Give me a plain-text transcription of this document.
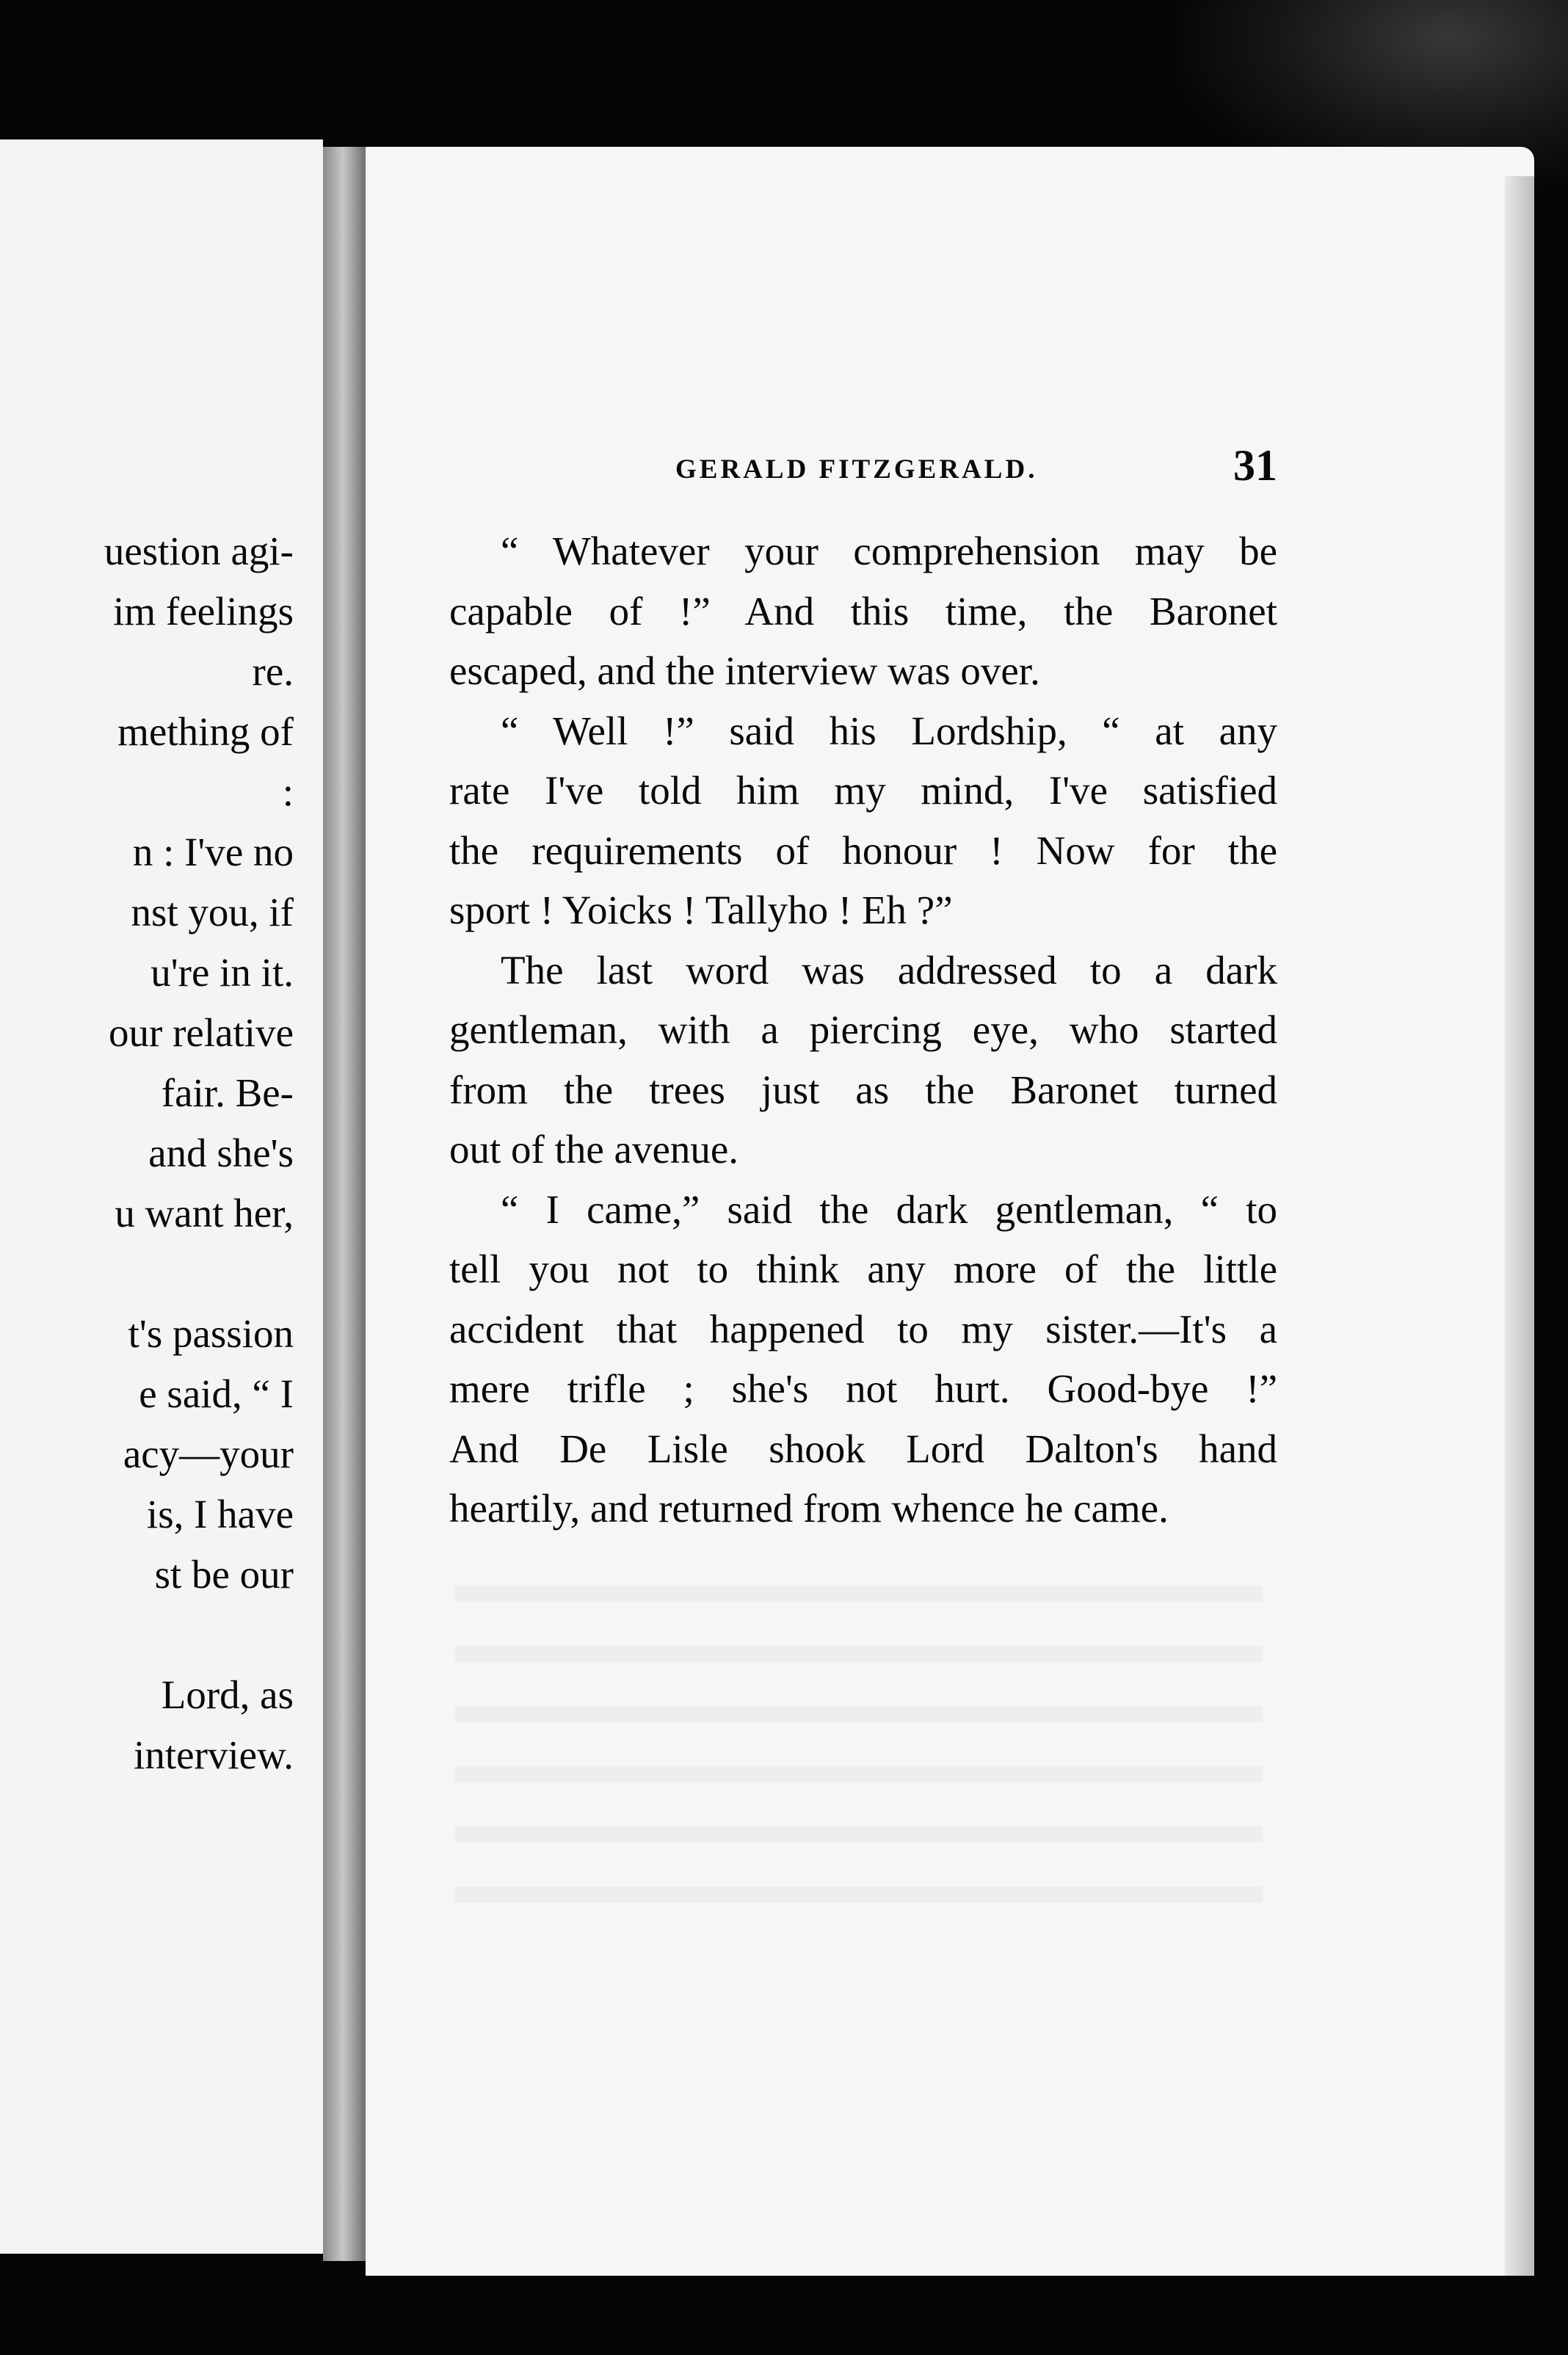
uestion agi-
im feelings
re.
mething of
:
n : I've no
nst you, if
u're in it.
our relative
fair. Be-
and she's
u want her,
t's passion
e said, “ I
acy—your
is, I have
st be our
Lord, as
interview.
GERALD FITZGERALD.	31
“ Whatever your comprehension may be
capable of !” And this time, the Baronet
escaped, and the interview was over.
“ Well !” said his Lordship, “ at any
rate I've told him my mind, I've satisfied
the requirements of honour ! Now for the
sport ! Yoicks ! Tallyho ! Eh ?”
The last word was addressed to a dark
gentleman, with a piercing eye, who started
from the trees just as the Baronet turned
out of the avenue.
“ I came,” said the dark gentleman, “ to
tell you not to think any more of the little
accident that happened to my sister.—It's a
mere trifle ; she's not hurt. Good-bye !”
And De Lisle shook Lord Dalton's hand
heartily, and returned from whence he came.
